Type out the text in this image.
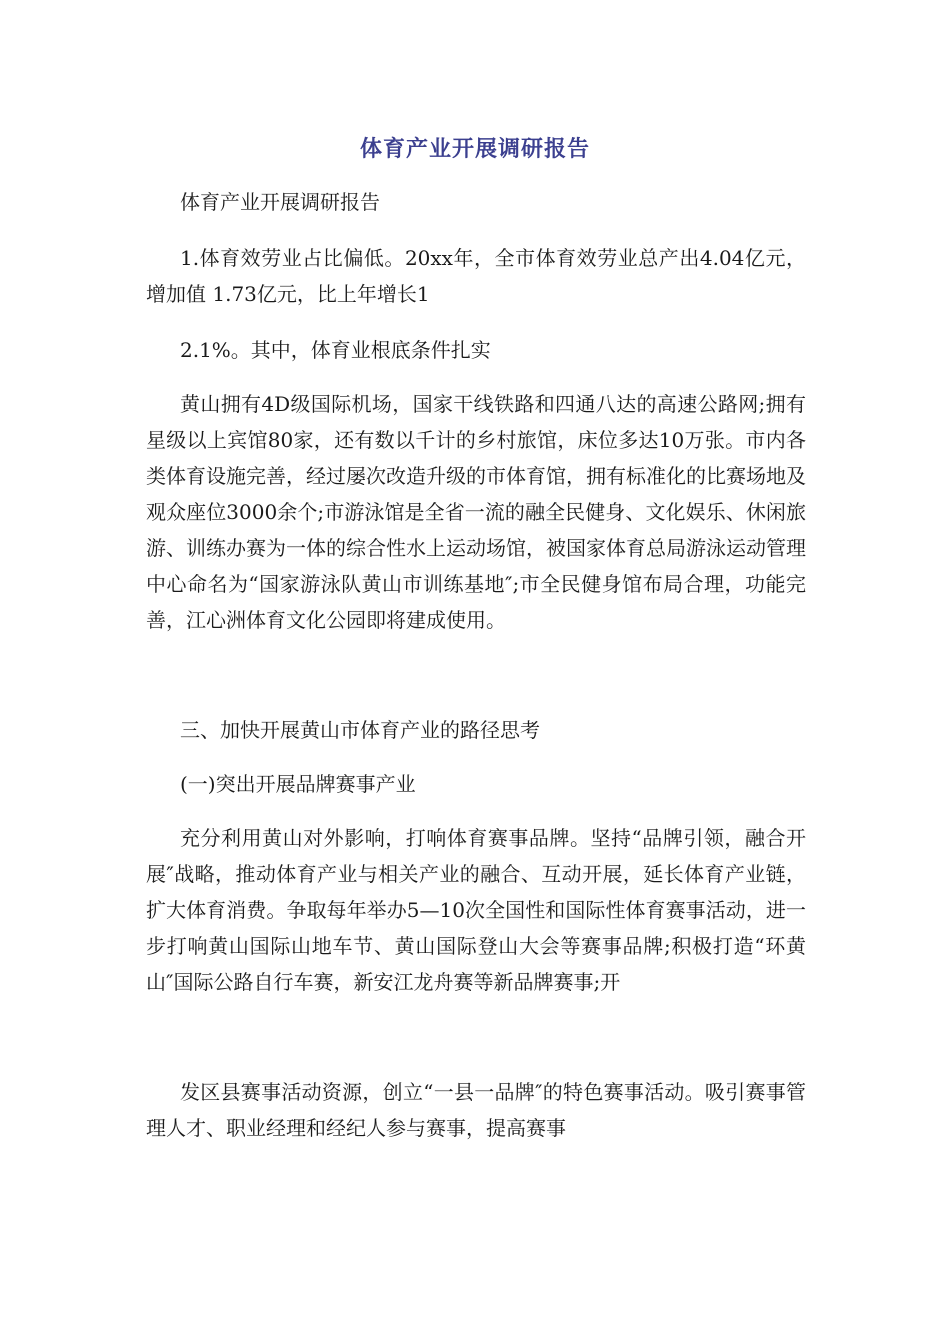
体育产业开展调研报告

体育产业开展调研报告

1.体育效劳业占比偏低。20xx年，全市体育效劳业总产出4.04亿元，增加值 1.73亿元，比上年增长1

2.1%。其中，体育业根底条件扎实

黄山拥有4D级国际机场，国家干线铁路和四通八达的高速公路网;拥有星级以上宾馆80家，还有数以千计的乡村旅馆，床位多达10万张。市内各类体育设施完善，经过屡次改造升级的市体育馆，拥有标准化的比赛场地及观众座位3000余个;市游泳馆是全省一流的融全民健身、文化娱乐、休闲旅游、训练办赛为一体的综合性水上运动场馆，被国家体育总局游泳运动管理中心命名为“国家游泳队黄山市训练基地″;市全民健身馆布局合理，功能完善，江心洲体育文化公园即将建成使用。

三、加快开展黄山市体育产业的路径思考

(一)突出开展品牌赛事产业

充分利用黄山对外影响，打响体育赛事品牌。坚持“品牌引领，融合开展″战略，推动体育产业与相关产业的融合、互动开展，延长体育产业链，扩大体育消费。争取每年举办5—10次全国性和国际性体育赛事活动，进一步打响黄山国际山地车节、黄山国际登山大会等赛事品牌;积极打造“环黄山″国际公路自行车赛，新安江龙舟赛等新品牌赛事;开

发区县赛事活动资源，创立“一县一品牌″的特色赛事活动。吸引赛事管理人才、职业经理和经纪人参与赛事，提高赛事
